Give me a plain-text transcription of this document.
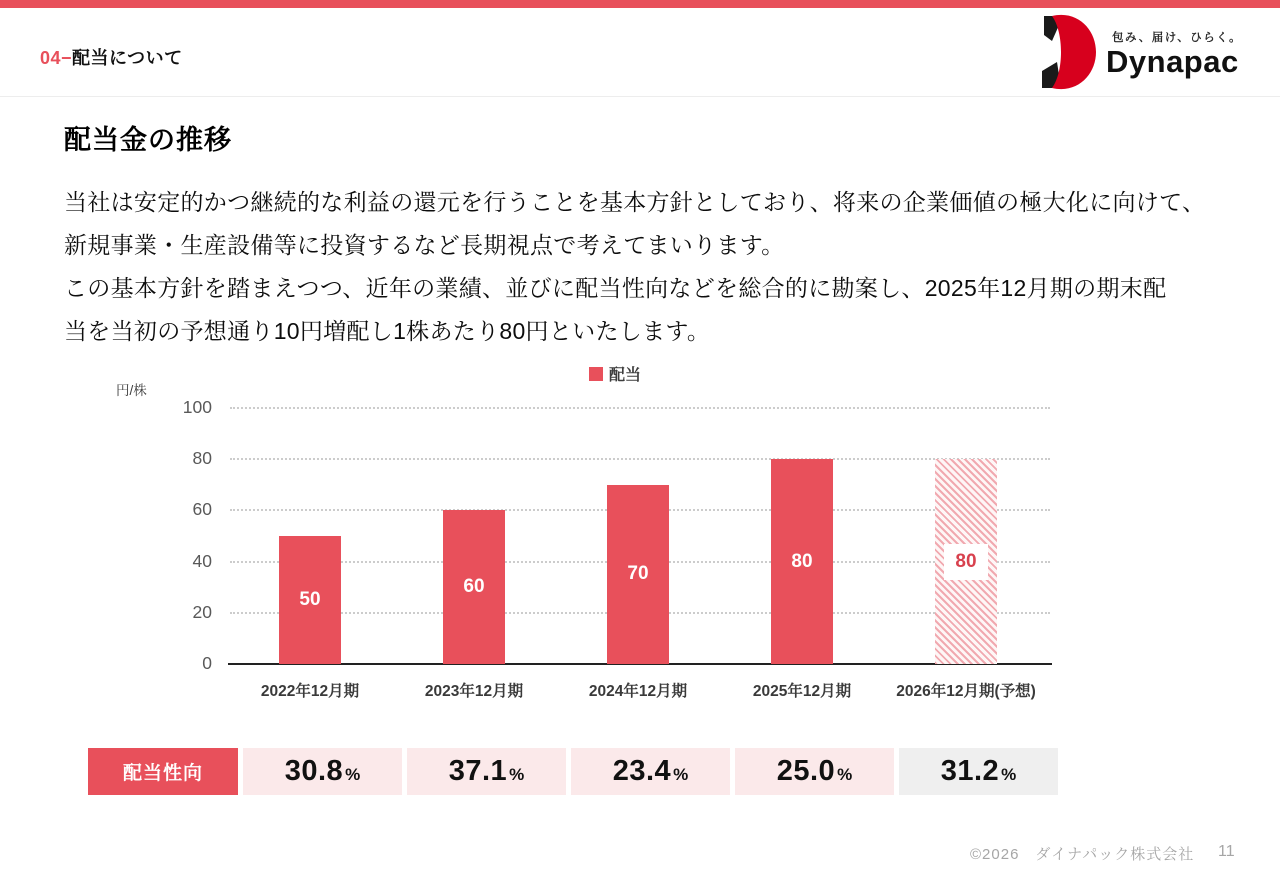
04−配当について
包み、届け、ひらく。
Dynapac
配当金の推移
当社は安定的かつ継続的な利益の還元を行うことを基本方針としており、将来の企業価値の極大化に向けて、
新規事業・生産設備等に投資するなど長期視点で考えてまいります。
この基本方針を踏まえつつ、近年の業績、並びに配当性向などを総合的に勘案し、2025年12月期の期末配
当を当初の予想通り10円増配し1株あたり80円といたします。
円/株
配当
0
20
40
60
80
100
50
2022年12月期
60
2023年12月期
70
2024年12月期
80
2025年12月期
80
2026年12月期(予想)
配当性向	30.8 %	37.1 %	23.4 %	25.0 %	31.2 %
©2026　ダイナパック株式会社 11
